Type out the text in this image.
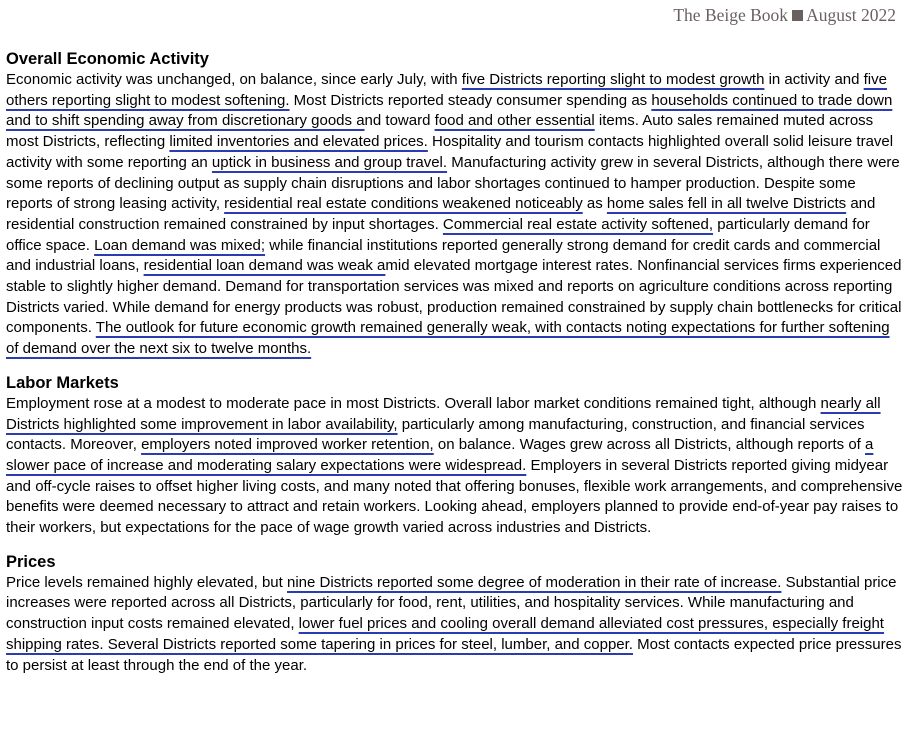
The Beige Book August 2022
Overall Economic Activity

Economic activity was unchanged, on balance, since early July, with five Districts reporting slight to modest growth in activity and five others reporting slight to modest softening. Most Districts reported steady consumer spending as households continued to trade down and to shift spending away from discretionary goods and toward food and other essential items. Auto sales remained muted across most Districts, reflecting limited inventories and elevated prices. Hospitality and tourism contacts highlighted overall solid leisure travel activity with some reporting an uptick in business and group travel. Manufacturing activity grew in several Districts, although there were some reports of declining output as supply chain disruptions and labor shortages continued to hamper production. Despite some reports of strong leasing activity, residential real estate conditions weakened noticeably as home sales fell in all twelve Districts and residential construction remained constrained by input shortages. Commercial real estate activity softened, particularly demand for office space. Loan demand was mixed; while financial institutions reported generally strong demand for credit cards and commercial and industrial loans, residential loan demand was weak amid elevated mortgage interest rates. Nonfinancial services firms experienced stable to slightly higher demand. Demand for transportation services was mixed and reports on agriculture conditions across reporting Districts varied. While demand for energy products was robust, production remained constrained by supply chain bottlenecks for critical components. The outlook for future economic growth remained generally weak, with contacts noting expectations for further softening of demand over the next six to twelve months.

Labor Markets

Employment rose at a modest to moderate pace in most Districts. Overall labor market conditions remained tight, although nearly all Districts highlighted some improvement in labor availability, particularly among manufacturing, construction, and financial services contacts. Moreover, employers noted improved worker retention, on balance. Wages grew across all Districts, although reports of a slower pace of increase and moderating salary expectations were widespread. Employers in several Districts reported giving midyear and off-cycle raises to offset higher living costs, and many noted that offering bonuses, flexible work arrangements, and comprehensive benefits were deemed necessary to attract and retain workers. Looking ahead, employers planned to provide end-of-year pay raises to their workers, but expectations for the pace of wage growth varied across industries and Districts.

Prices

Price levels remained highly elevated, but nine Districts reported some degree of moderation in their rate of increase. Substantial price increases were reported across all Districts, particularly for food, rent, utilities, and hospitality services. While manufacturing and construction input costs remained elevated, lower fuel prices and cooling overall demand alleviated cost pressures, especially freight shipping rates. Several Districts reported some tapering in prices for steel, lumber, and copper. Most contacts expected price pressures to persist at least through the end of the year.
